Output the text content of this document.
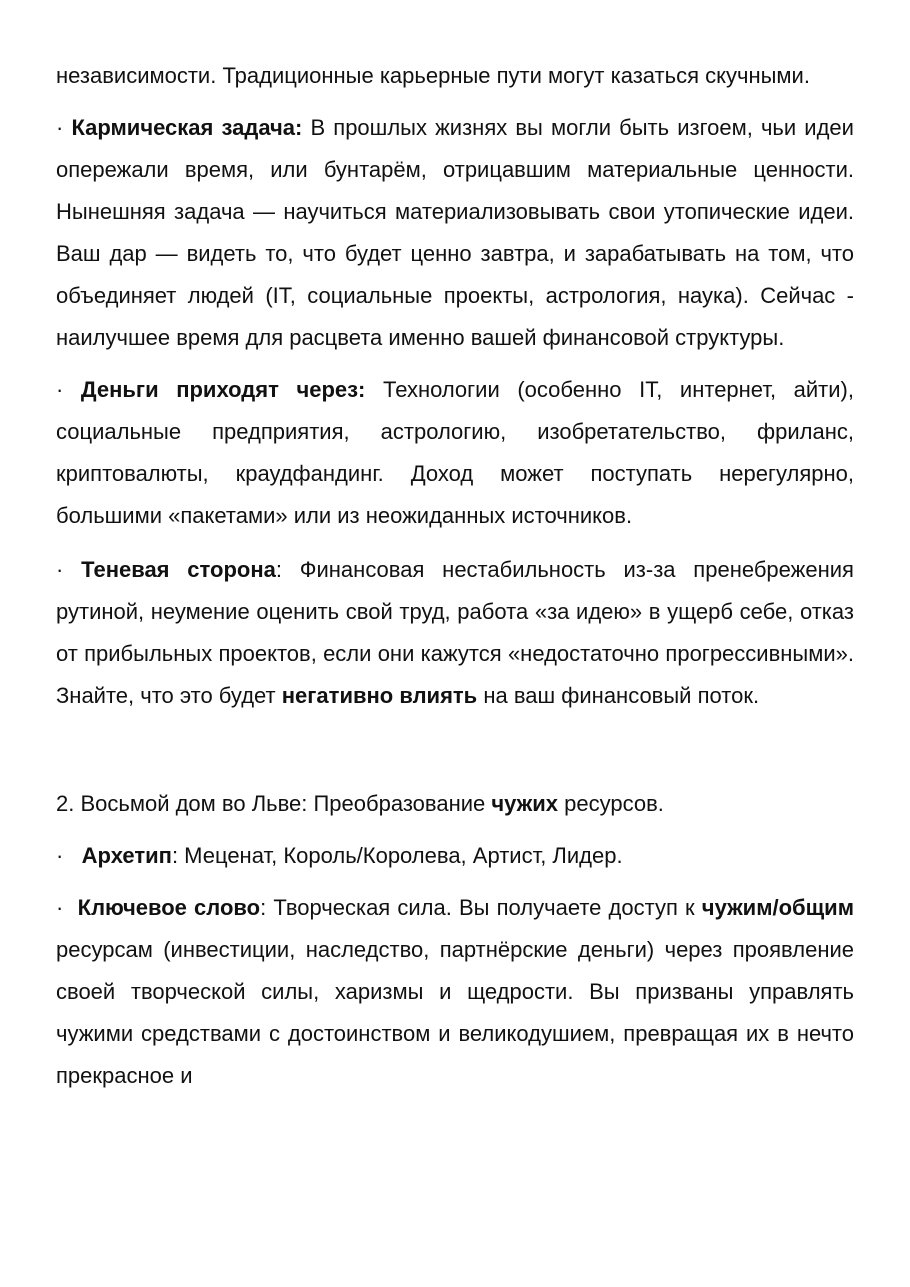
независимости. Традиционные карьерные пути могут казаться скучными.

· Кармическая задача: В прошлых жизнях вы могли быть изгоем, чьи идеи опережали время, или бунтарём, отрицавшим материальные ценности. Нынешняя задача — научиться материализовывать свои утопические идеи. Ваш дар — видеть то, что будет ценно завтра, и зарабатывать на том, что объединяет людей (IT, социальные проекты, астрология, наука). Сейчас - наилучшее время для расцвета именно вашей финансовой структуры.

· Деньги приходят через: Технологии (особенно IT, интернет, айти), социальные предприятия, астрологию, изобретательство, фриланс, криптовалюты, краудфандинг. Доход может поступать нерегулярно, большими «пакетами» или из неожиданных источников.

· Теневая сторона: Финансовая нестабильность из-за пренебрежения рутиной, неумение оценить свой труд, работа «за идею» в ущерб себе, отказ от прибыльных проектов, если они кажутся «недостаточно прогрессивными». Знайте, что это будет негативно влиять на ваш финансовый поток.

2. Восьмой дом во Льве: Преобразование чужих ресурсов.

· Архетип: Меценат, Король/Королева, Артист, Лидер.

· Ключевое слово: Творческая сила. Вы получаете доступ к чужим/общим ресурсам (инвестиции, наследство, партнёрские деньги) через проявление своей творческой силы, харизмы и щедрости. Вы призваны управлять чужими средствами с достоинством и великодушием, превращая их в нечто прекрасное и
